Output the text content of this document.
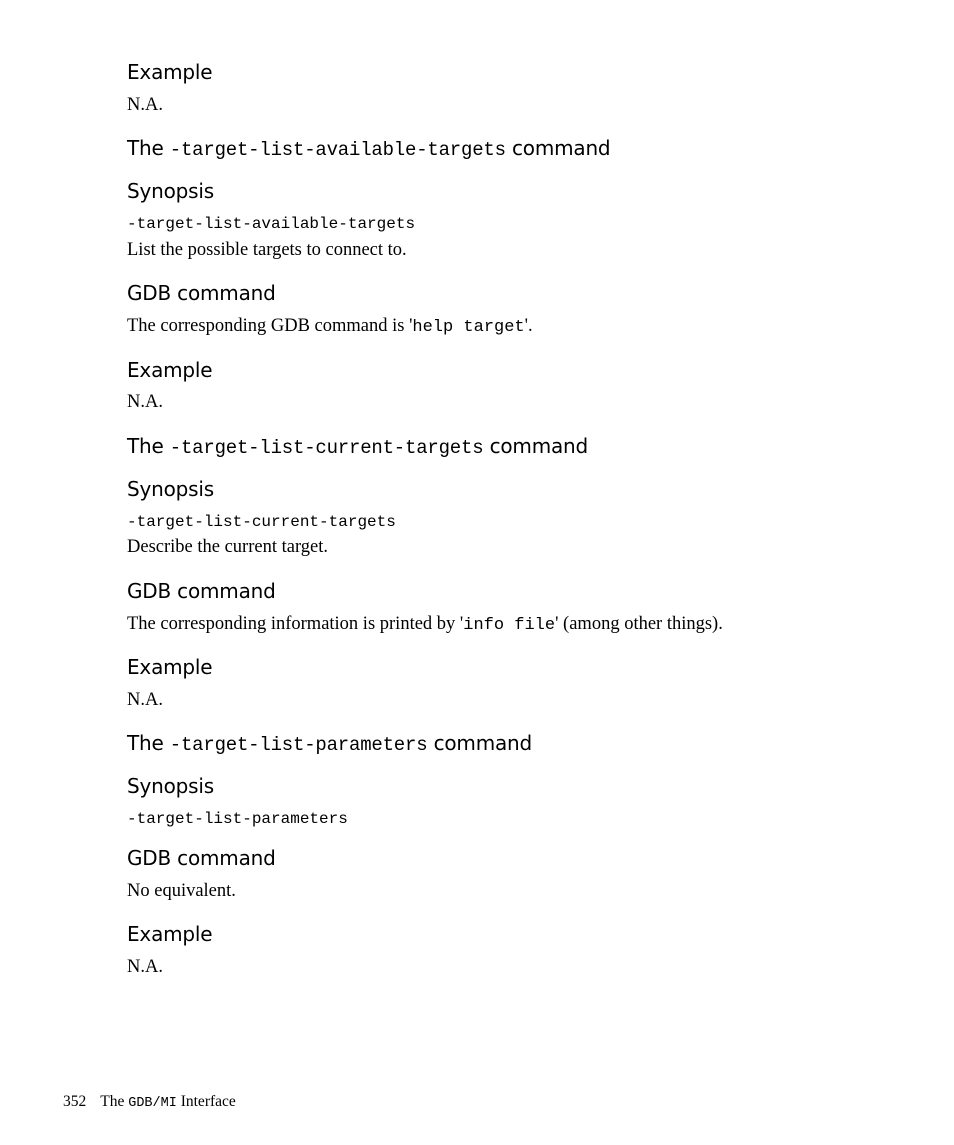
Example
N.A.
The -target-list-available-targets command
Synopsis
-target-list-available-targets
List the possible targets to connect to.
GDB command
The corresponding GDB command is 'help target'.
Example
N.A.
The -target-list-current-targets command
Synopsis
-target-list-current-targets
Describe the current target.
GDB command
The corresponding information is printed by 'info file' (among other things).
Example
N.A.
The -target-list-parameters command
Synopsis
-target-list-parameters
GDB command
No equivalent.
Example
N.A.
352 The GDB/MI Interface
